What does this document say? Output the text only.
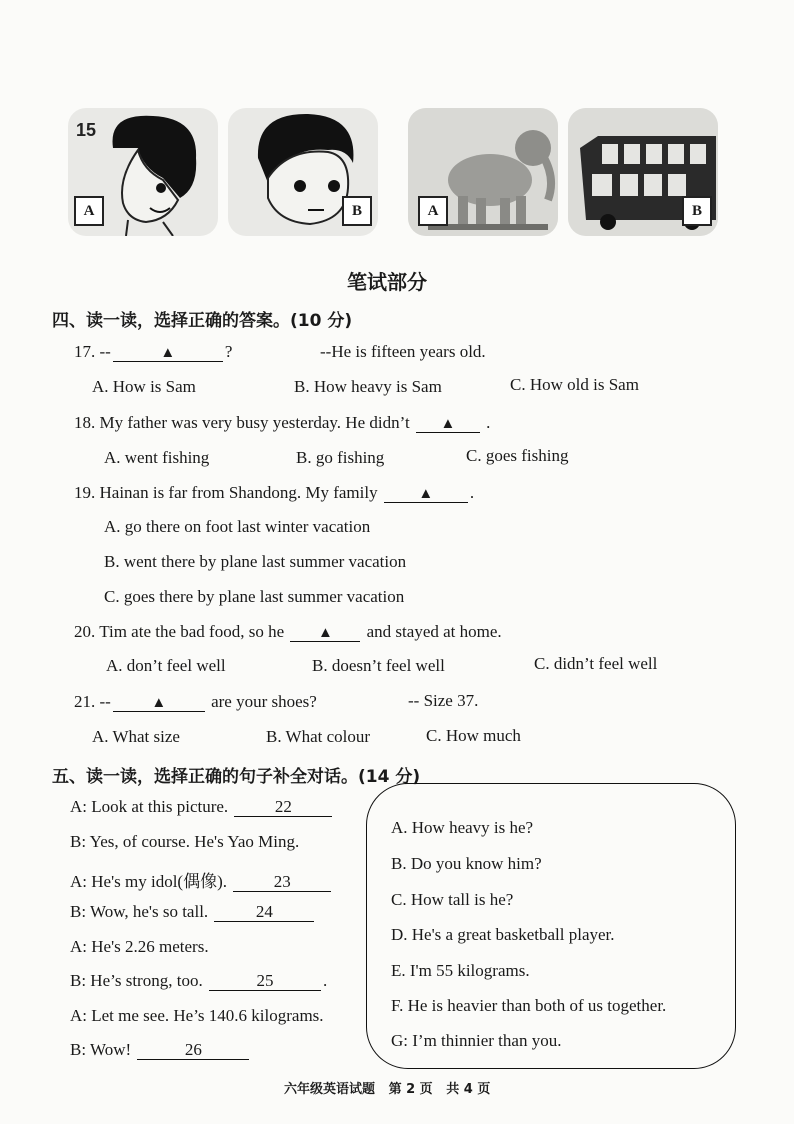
15
A	B	A	B
笔试部分
四、读一读，选择正确的答案。(10 分)
17. --	▲	?	--He is fifteen years old.
A. How is Sam	B. How heavy is Sam	C. How old is Sam
18. My father was very busy yesterday. He didn’t ▲ .
A. went fishing	B. go fishing	C. goes fishing
19. Hainan is far from Shandong. My family	▲ .
A. go there on foot last winter vacation
B. went there by plane last summer vacation
C. goes there by plane last summer vacation
20. Tim ate the bad food, so he ▲ and stayed at home.
A. don’t feel well	B. doesn’t feel well	C. didn’t feel well
21. --	▲	are your shoes?	-- Size 37.
A. What size	B. What colour	C. How much
五、读一读，选择正确的句子补全对话。(14 分)
A: Look at this picture.	22
B: Yes, of course. He's Yao Ming.
A: He's my idol(偶像).	23
B: Wow, he's so tall.	24
A: He's 2.26 meters.
B: He’s strong, too.	25	.
A: Let me see. He’s 140.6 kilograms.
B: Wow!	26
A. How heavy is he?
B. Do you know him?
C. How tall is he?
D. He's a great basketball player.
E. I'm 55 kilograms.
F. He is heavier than both of us together.
G: I’m thinnier than you.
六年级英语试题   第 2 页   共 4 页
